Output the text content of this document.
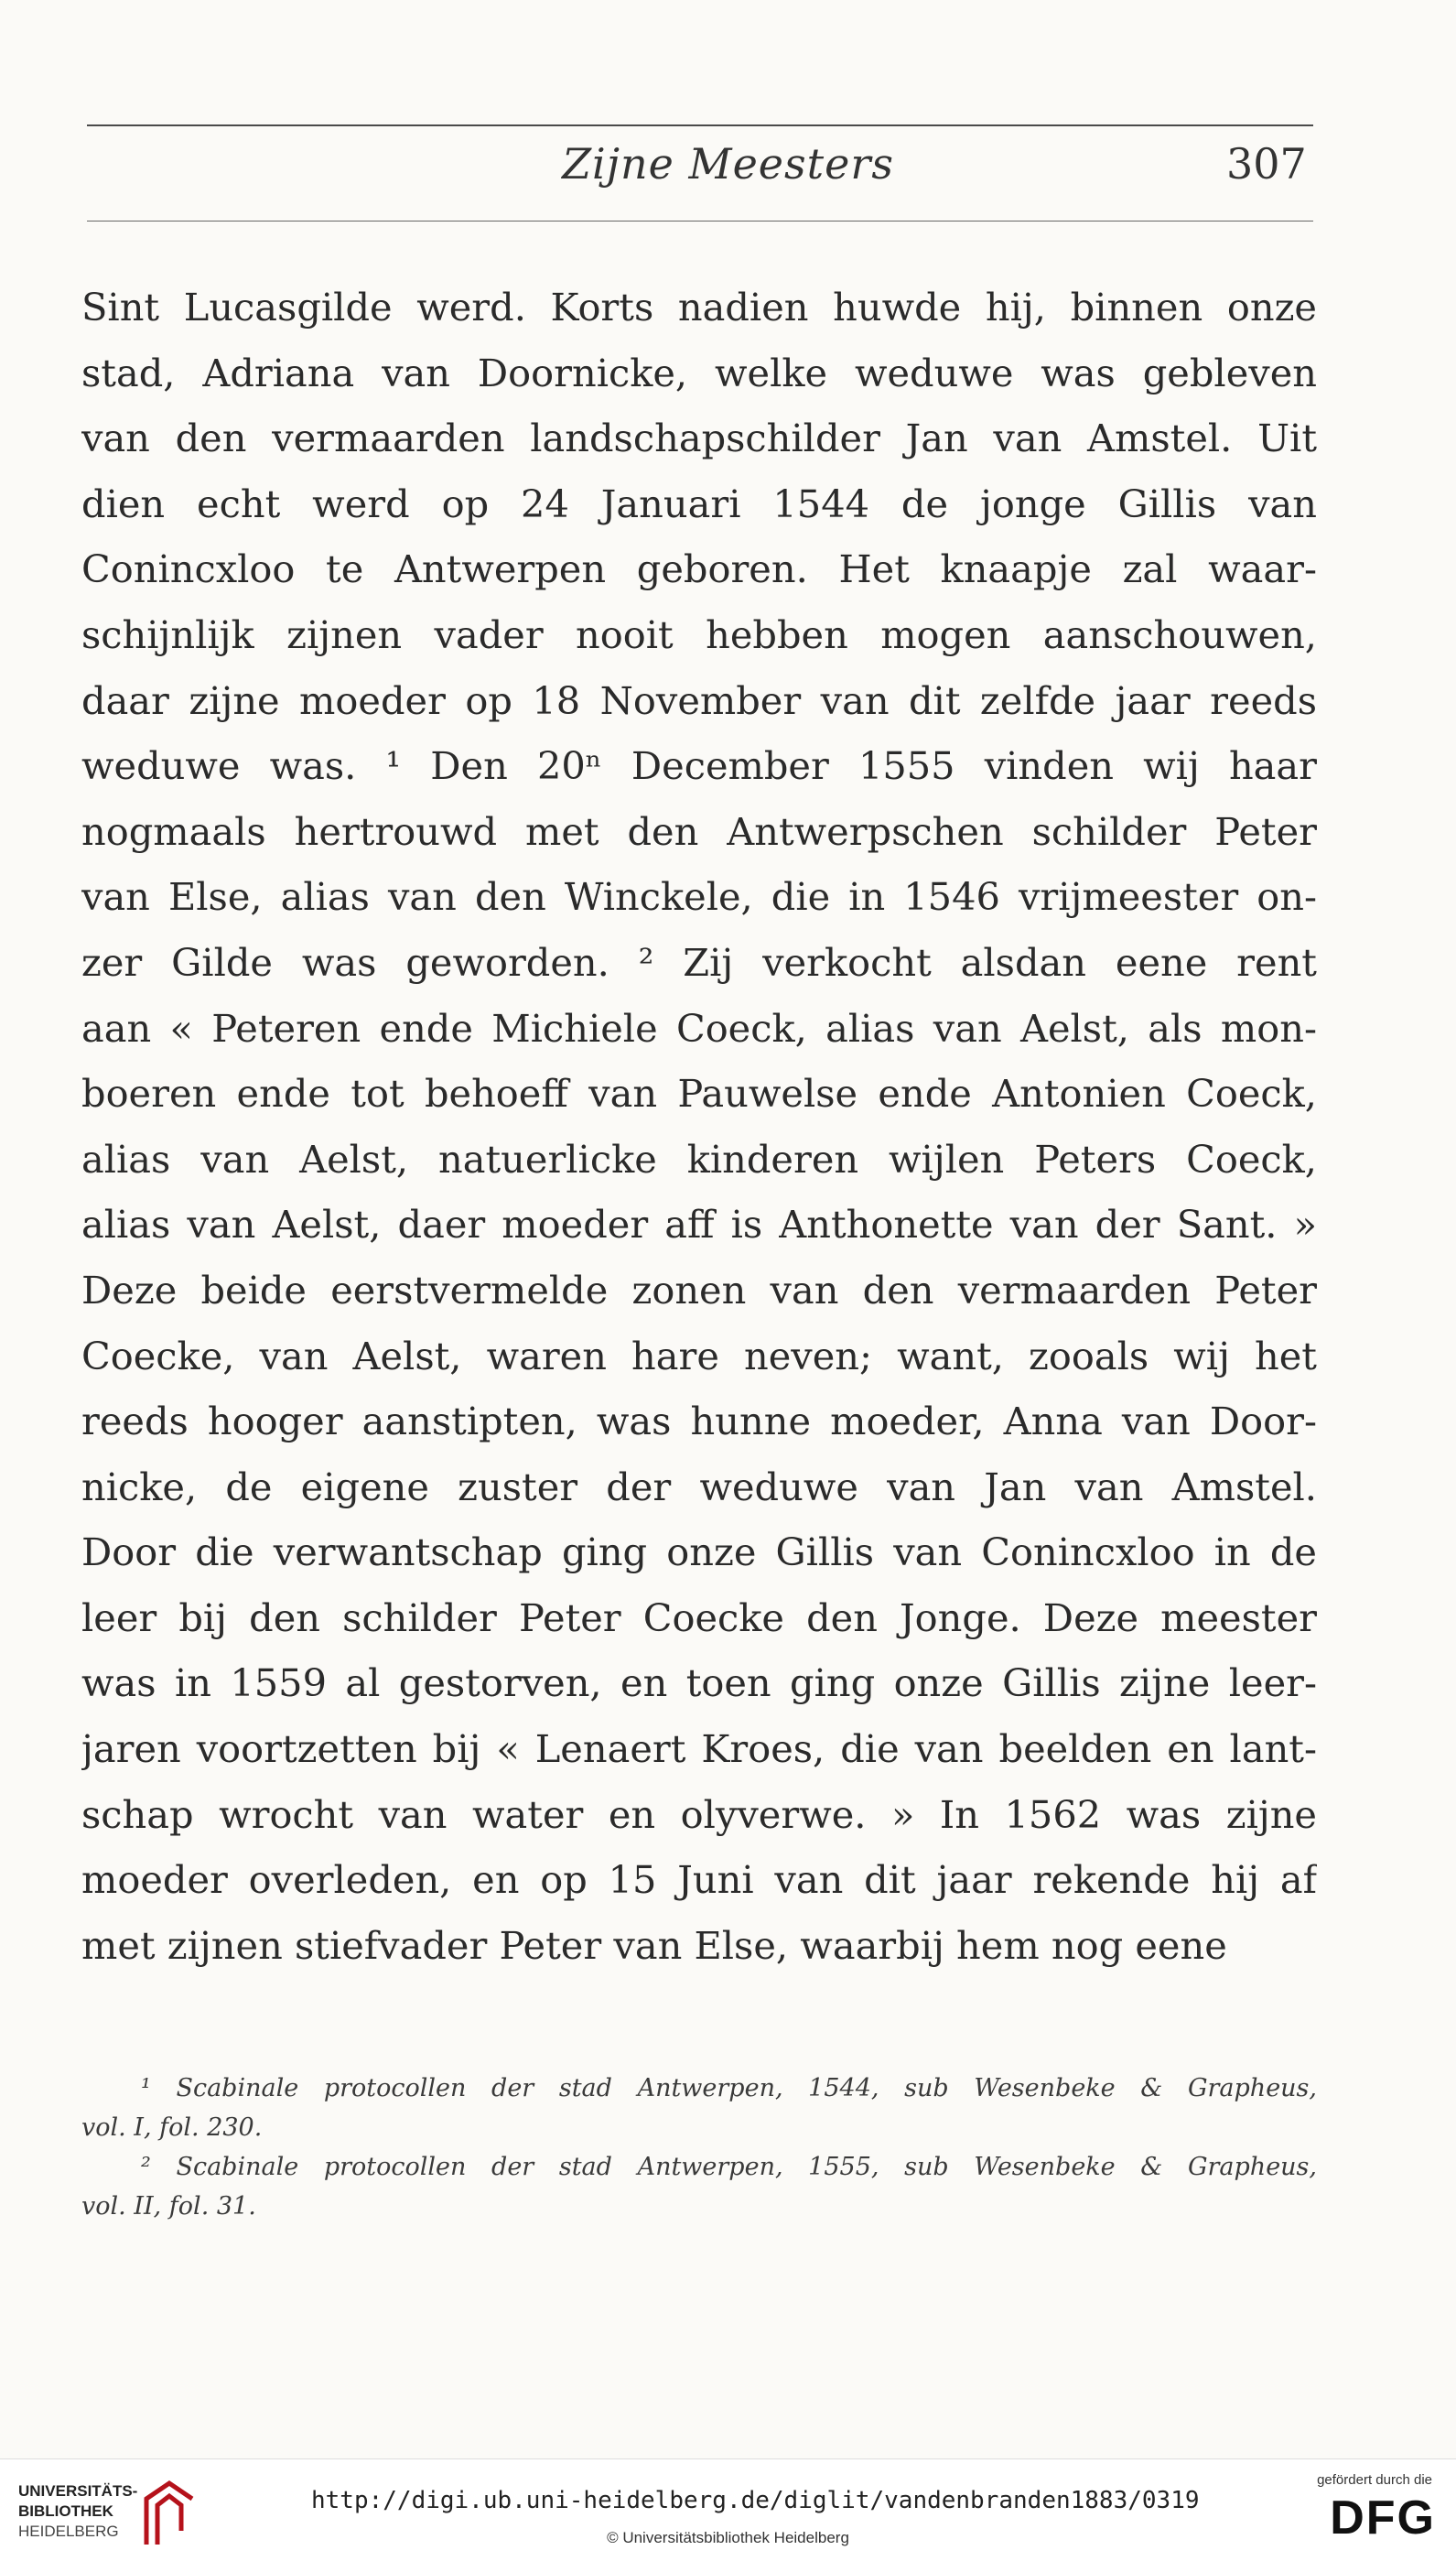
Zijne Meesters	307
Sint Lucasgilde werd. Korts nadien huwde hij, binnen onze
stad, Adriana van Doornicke, welke weduwe was gebleven
van den vermaarden landschapschilder Jan van Amstel. Uit
dien echt werd op 24 Januari 1544 de jonge Gillis van
Conincxloo te Antwerpen geboren. Het knaapje zal waar-
schijnlijk zijnen vader nooit hebben mogen aanschouwen,
daar zijne moeder op 18 November van dit zelfde jaar reeds
weduwe was. ¹ Den 20ⁿ December 1555 vinden wij haar
nogmaals hertrouwd met den Antwerpschen schilder Peter
van Else, alias van den Winckele, die in 1546 vrijmeester on-
zer Gilde was geworden. ² Zij verkocht alsdan eene rent
aan « Peteren ende Michiele Coeck, alias van Aelst, als mon-
boeren ende tot behoeff van Pauwelse ende Antonien Coeck,
alias van Aelst, natuerlicke kinderen wijlen Peters Coeck,
alias van Aelst, daer moeder aff is Anthonette van der Sant. »
Deze beide eerstvermelde zonen van den vermaarden Peter
Coecke, van Aelst, waren hare neven; want, zooals wij het
reeds hooger aanstipten, was hunne moeder, Anna van Door-
nicke, de eigene zuster der weduwe van Jan van Amstel.
Door die verwantschap ging onze Gillis van Conincxloo in de
leer bij den schilder Peter Coecke den Jonge. Deze meester
was in 1559 al gestorven, en toen ging onze Gillis zijne leer-
jaren voortzetten bij « Lenaert Kroes, die van beelden en lant-
schap wrocht van water en olyverwe. » In 1562 was zijne
moeder overleden, en op 15 Juni van dit jaar rekende hij af
met zijnen stiefvader Peter van Else, waarbij hem nog eene
¹ Scabinale protocollen der stad Antwerpen, 1544, sub Wesenbeke & Grapheus,
vol. I, fol. 230.
² Scabinale protocollen der stad Antwerpen, 1555, sub Wesenbeke & Grapheus,
vol. II, fol. 31.
UNIVERSITÄTS-
BIBLIOTHEK
HEIDELBERG
http://digi.ub.uni-heidelberg.de/diglit/vandenbranden1883/0319
© Universitätsbibliothek Heidelberg
gefördert durch die
DFG
